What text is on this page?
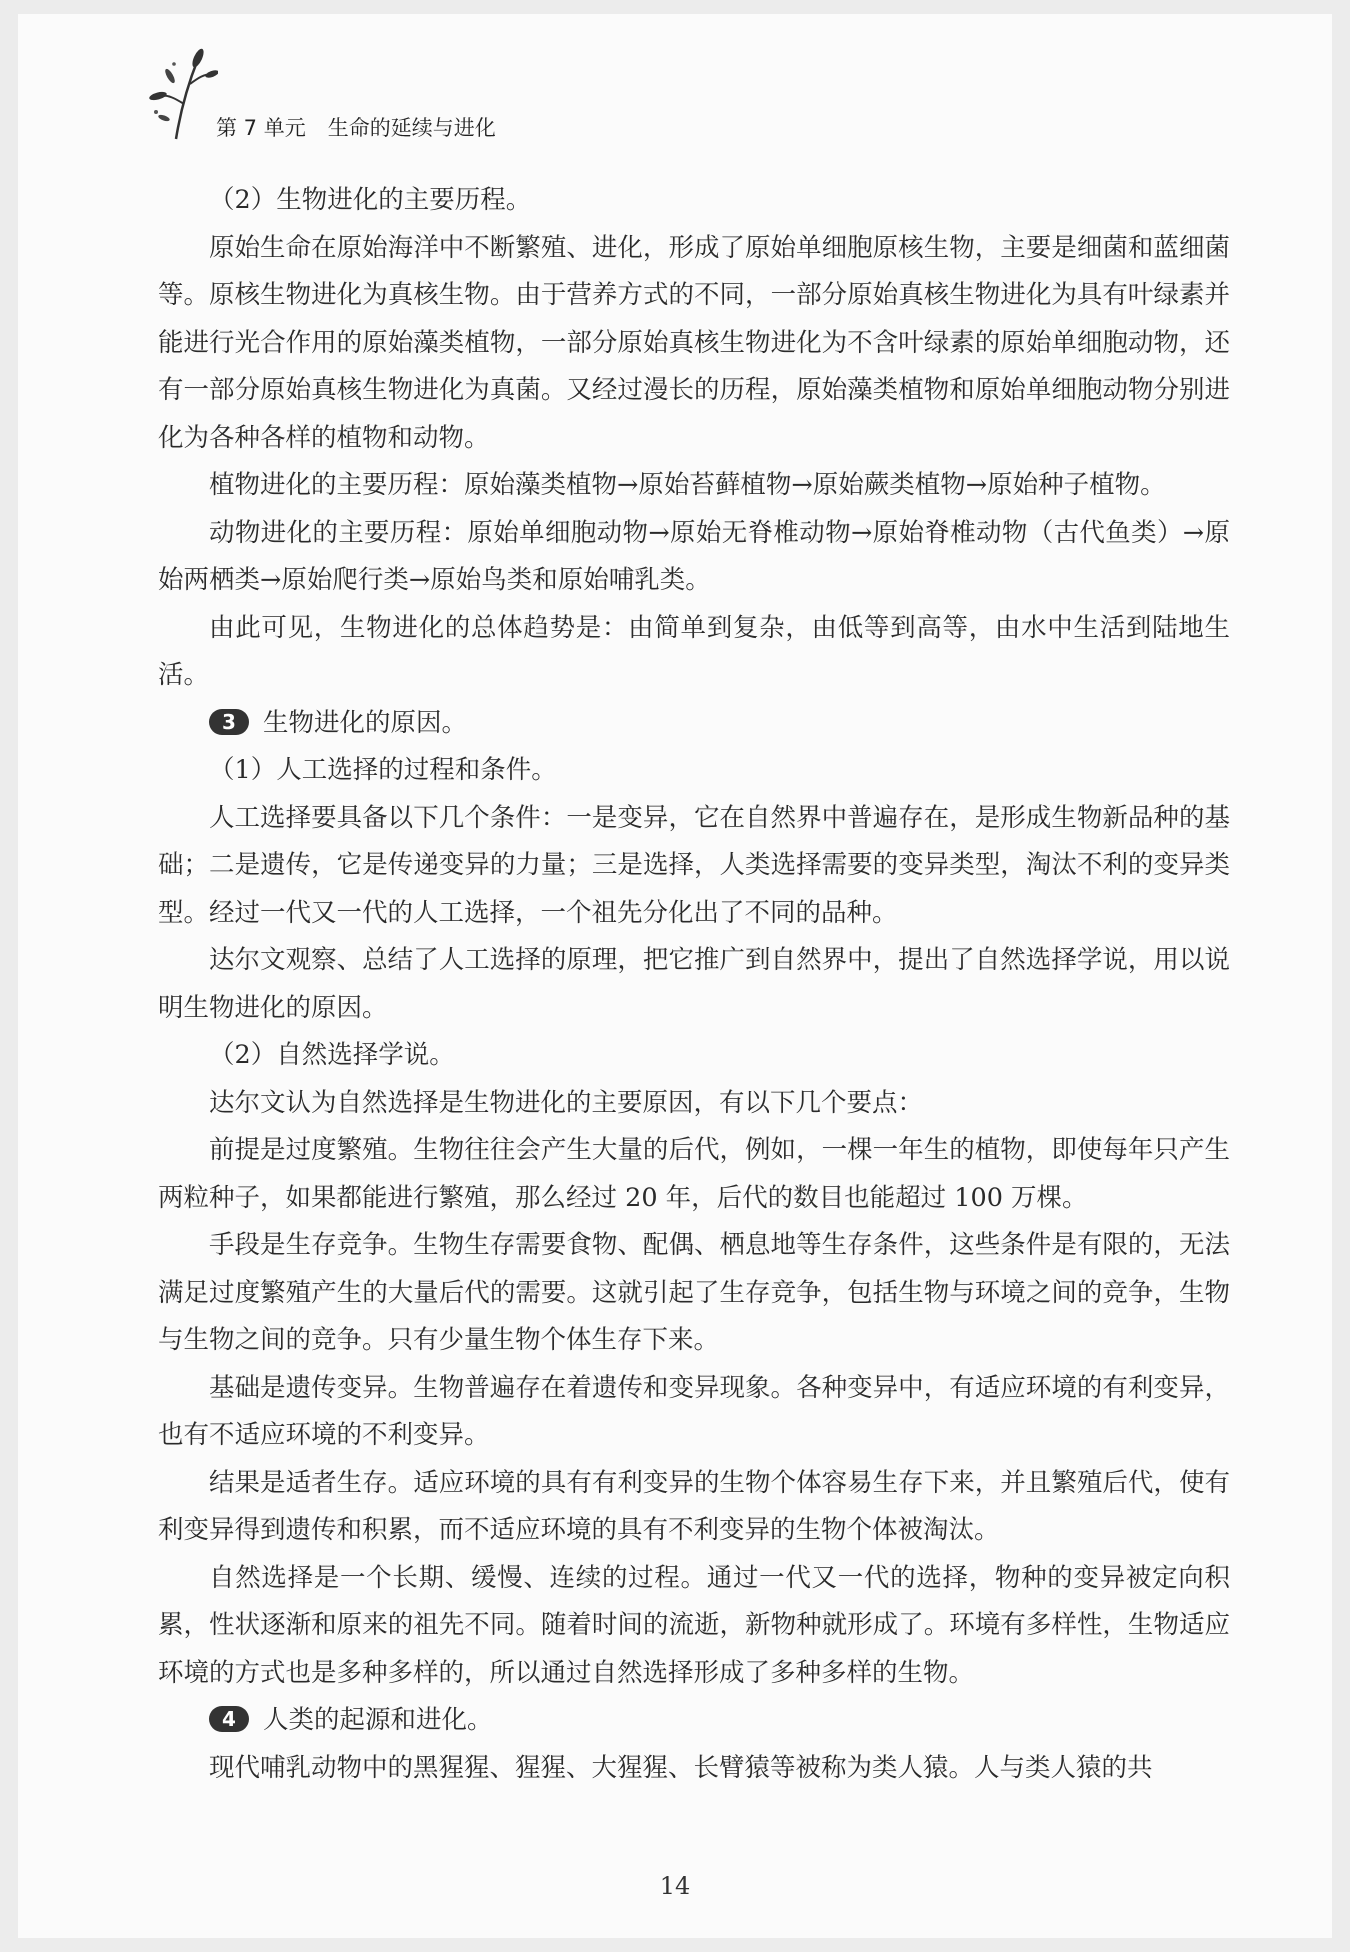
第 7 单元 生命的延续与进化

（2）生物进化的主要历程。

原始生命在原始海洋中不断繁殖、进化，形成了原始单细胞原核生物，主要是细菌和蓝细菌等。原核生物进化为真核生物。由于营养方式的不同，一部分原始真核生物进化为具有叶绿素并能进行光合作用的原始藻类植物，一部分原始真核生物进化为不含叶绿素的原始单细胞动物，还有一部分原始真核生物进化为真菌。又经过漫长的历程，原始藻类植物和原始单细胞动物分别进化为各种各样的植物和动物。

植物进化的主要历程：原始藻类植物→原始苔藓植物→原始蕨类植物→原始种子植物。

动物进化的主要历程：原始单细胞动物→原始无脊椎动物→原始脊椎动物（古代鱼类）→原始两栖类→原始爬行类→原始鸟类和原始哺乳类。

由此可见，生物进化的总体趋势是：由简单到复杂，由低等到高等，由水中生活到陆地生活。

3 生物进化的原因。

（1）人工选择的过程和条件。

人工选择要具备以下几个条件：一是变异，它在自然界中普遍存在，是形成生物新品种的基础；二是遗传，它是传递变异的力量；三是选择，人类选择需要的变异类型，淘汰不利的变异类型。经过一代又一代的人工选择，一个祖先分化出了不同的品种。

达尔文观察、总结了人工选择的原理，把它推广到自然界中，提出了自然选择学说，用以说明生物进化的原因。

（2）自然选择学说。

达尔文认为自然选择是生物进化的主要原因，有以下几个要点：

前提是过度繁殖。生物往往会产生大量的后代，例如，一棵一年生的植物，即使每年只产生两粒种子，如果都能进行繁殖，那么经过 20 年，后代的数目也能超过 100 万棵。

手段是生存竞争。生物生存需要食物、配偶、栖息地等生存条件，这些条件是有限的，无法满足过度繁殖产生的大量后代的需要。这就引起了生存竞争，包括生物与环境之间的竞争，生物与生物之间的竞争。只有少量生物个体生存下来。

基础是遗传变异。生物普遍存在着遗传和变异现象。各种变异中，有适应环境的有利变异，也有不适应环境的不利变异。

结果是适者生存。适应环境的具有有利变异的生物个体容易生存下来，并且繁殖后代，使有利变异得到遗传和积累，而不适应环境的具有不利变异的生物个体被淘汰。

自然选择是一个长期、缓慢、连续的过程。通过一代又一代的选择，物种的变异被定向积累，性状逐渐和原来的祖先不同。随着时间的流逝，新物种就形成了。环境有多样性，生物适应环境的方式也是多种多样的，所以通过自然选择形成了多种多样的生物。

4 人类的起源和进化。

现代哺乳动物中的黑猩猩、猩猩、大猩猩、长臂猿等被称为类人猿。人与类人猿的共

14
